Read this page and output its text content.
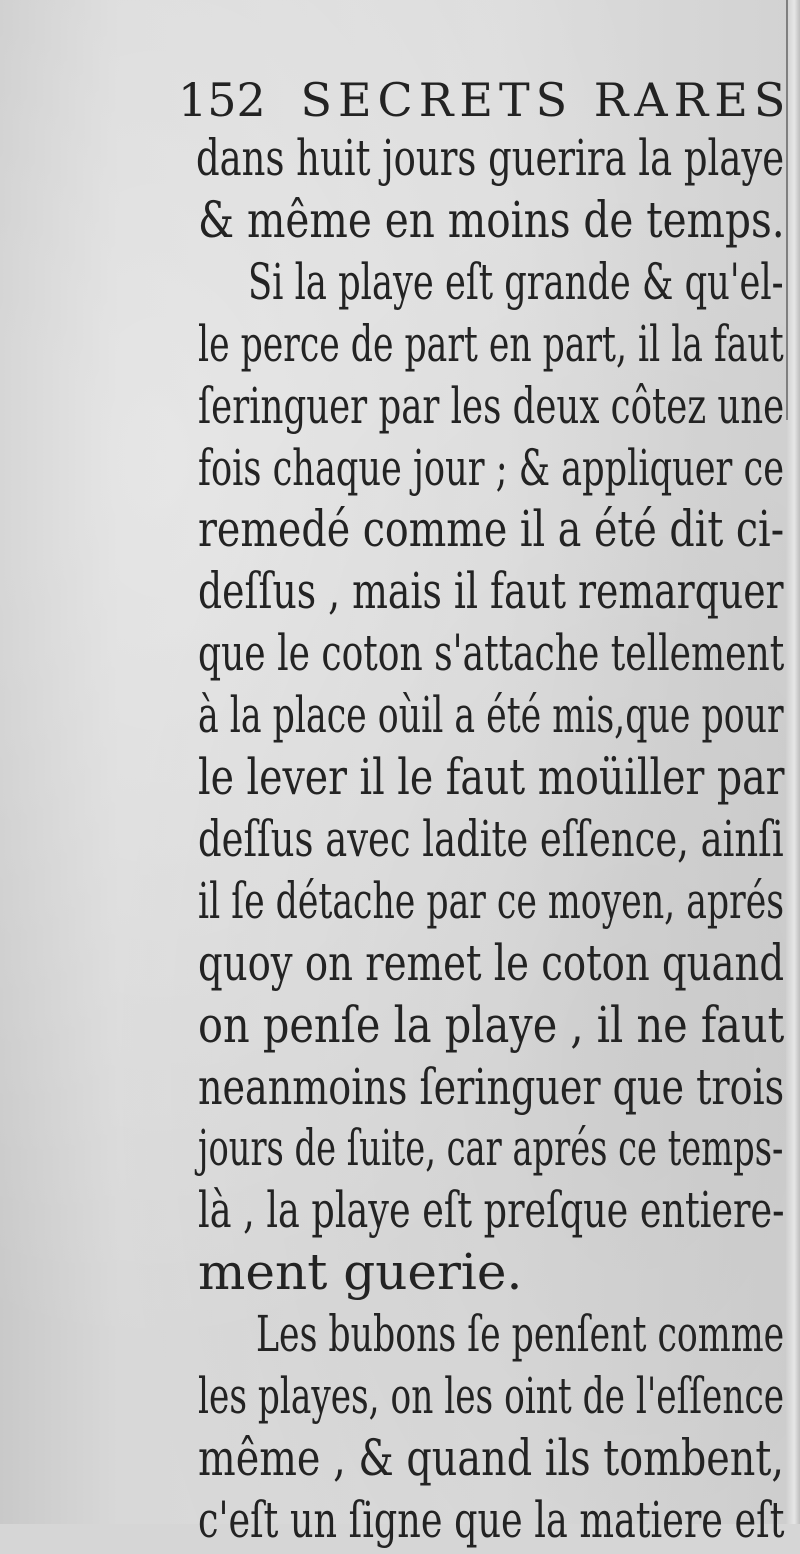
152 SECRETS RARES
dans huit jours guerira la playe
& même en moins de temps.
Si la playe eſt grande & qu'el-
le perce de part en part, il la faut
ſeringuer par les deux côtez une
fois chaque jour ; & appliquer ce
remedé comme il a été dit ci-
deſſus , mais il faut remarquer
que le coton s'attache tellement
à la place oùil a été mis,que pour
le lever il le faut moüiller par
deſſus avec ladite eſſence, ainſi
il ſe détache par ce moyen, aprés
quoy on remet le coton quand
on penſe la playe , il ne faut
neanmoins ſeringuer que trois
jours de ſuite, car aprés ce temps-
là , la playe eſt preſque entiere-
ment guerie.
Les bubons ſe penſent comme
les playes, on les oint de l'eſſence
même , & quand ils tombent,
c'eſt un ſigne que la matiere eſt
